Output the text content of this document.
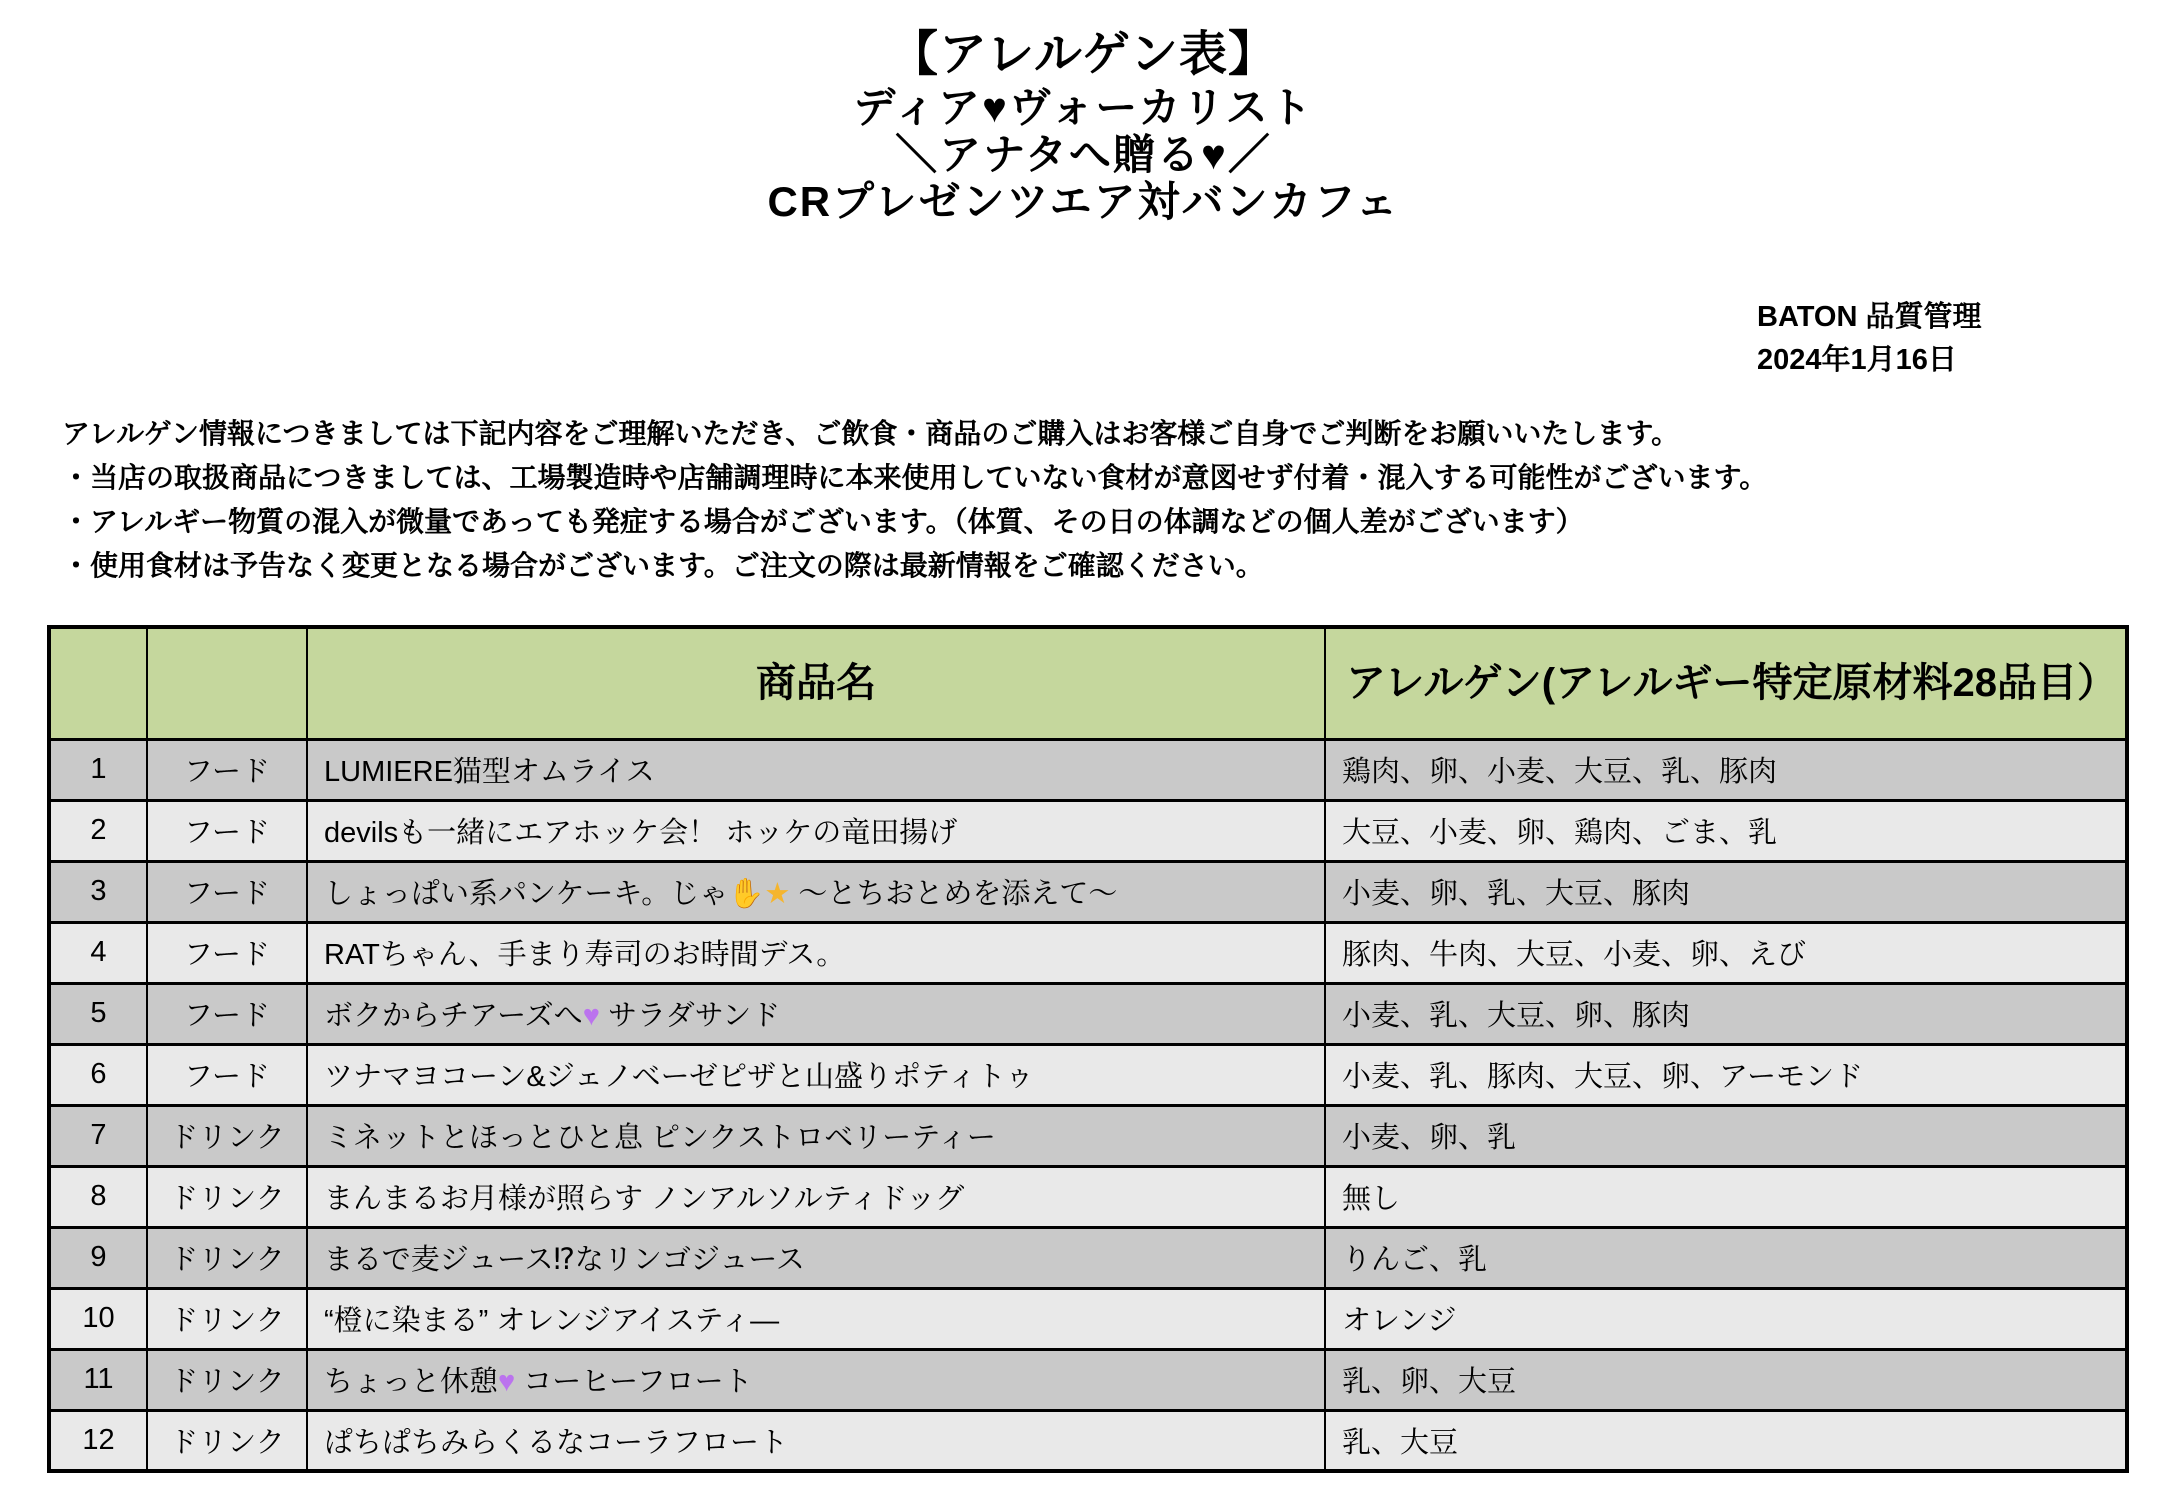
【アレルゲン表】
ディア♥ヴォーカリスト
＼アナタへ贈る♥／
CRプレゼンツエア対バンカフェ
BATON 品質管理
2024年1月16日
アレルゲン情報につきましては下記内容をご理解いただき、ご飲食・商品のご購入はお客様ご自身でご判断をお願いいたします。
・当店の取扱商品につきましては、工場製造時や店舗調理時に本来使用していない食材が意図せず付着・混入する可能性がございます。
・アレルギー物質の混入が微量であっても発症する場合がございます。（体質、その日の体調などの個人差がございます）
・使用食材は予告なく変更となる場合がございます。ご注文の際は最新情報をご確認ください。
		商品名	アレルゲン(アレルギー特定原材料28品目）
1	フード	LUMIERE猫型オムライス	鶏肉、卵、小麦、大豆、乳、豚肉
2	フード	devilsも一緒にエアホッケ会！ ホッケの竜田揚げ	大豆、小麦、卵、鶏肉、ごま、乳
3	フード	しょっぱい系パンケーキ。じゃ✋★ ～とちおとめを添えて～	小麦、卵、乳、大豆、豚肉
4	フード	RATちゃん、手まり寿司のお時間デス。	豚肉、牛肉、大豆、小麦、卵、えび
5	フード	ボクからチアーズへ♥ サラダサンド	小麦、乳、大豆、卵、豚肉
6	フード	ツナマヨコーン&ジェノベーゼピザと山盛りポティトゥ	小麦、乳、豚肉、大豆、卵、アーモンド
7	ドリンク	ミネットとほっとひと息 ピンクストロベリーティー	小麦、卵、乳
8	ドリンク	まんまるお月様が照らす ノンアルソルティドッグ	無し
9	ドリンク	まるで麦ジュース⁉なリンゴジュース	りんご、乳
10	ドリンク	“橙に染まる” オレンジアイスティ―	オレンジ
11	ドリンク	ちょっと休憩♥ コーヒーフロート	乳、卵、大豆
12	ドリンク	ぱちぱちみらくるなコーラフロート	乳、大豆
